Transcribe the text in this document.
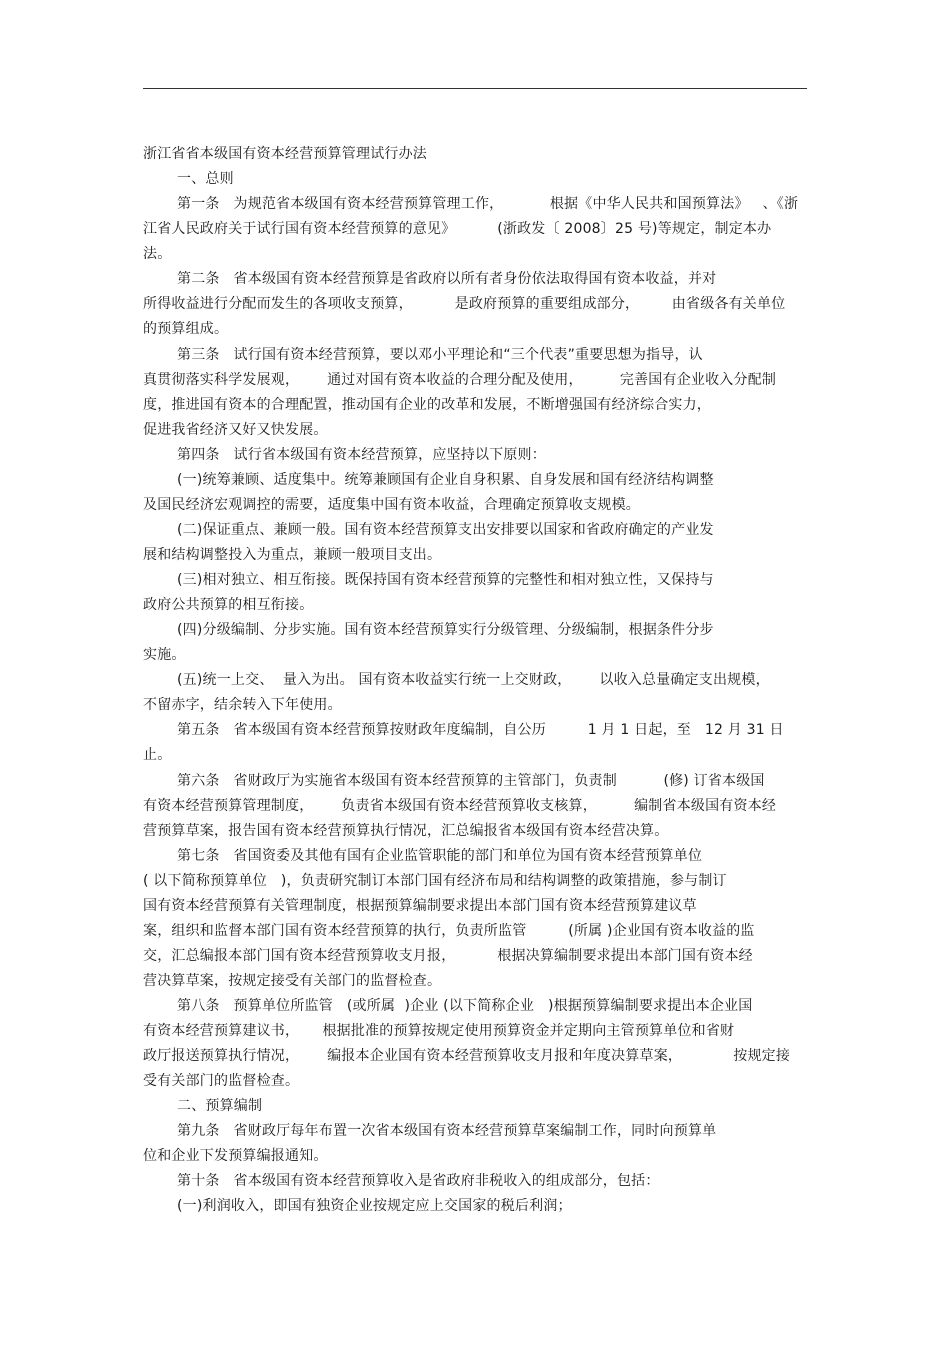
浙江省省本级国有资本经营预算管理试行办法
一、总则
第一条   为规范省本级国有资本经营预算管理工作，          根据《中华人民共和国预算法》   、《浙
江省人民政府关于试行国有资本经营预算的意见》         (浙政发〔 2008〕25 号)等规定，制定本办
法。
第二条   省本级国有资本经营预算是省政府以所有者身份依法取得国有资本收益，并对
所得收益进行分配而发生的各项收支预算，         是政府预算的重要组成部分，       由省级各有关单位
的预算组成。
第三条   试行国有资本经营预算，要以邓小平理论和“三个代表”重要思想为指导，认
真贯彻落实科学发展观，      通过对国有资本收益的合理分配及使用，        完善国有企业收入分配制
度，推进国有资本的合理配置，推动国有企业的改革和发展，不断增强国有经济综合实力，
促进我省经济又好又快发展。
第四条   试行省本级国有资本经营预算，应坚持以下原则：
(一)统筹兼顾、适度集中。统筹兼顾国有企业自身积累、自身发展和国有经济结构调整
及国民经济宏观调控的需要，适度集中国有资本收益，合理确定预算收支规模。
(二)保证重点、兼顾一般。国有资本经营预算支出安排要以国家和省政府确定的产业发
展和结构调整投入为重点，兼顾一般项目支出。
(三)相对独立、相互衔接。既保持国有资本经营预算的完整性和相对独立性，又保持与
政府公共预算的相互衔接。
(四)分级编制、分步实施。国有资本经营预算实行分级管理、分级编制，根据条件分步
实施。
(五)统一上交、  量入为出。 国有资本收益实行统一上交财政，      以收入总量确定支出规模，
不留赤字，结余转入下年使用。
第五条   省本级国有资本经营预算按财政年度编制，自公历         1 月 1 日起，至   12 月 31 日
止。
第六条   省财政厅为实施省本级国有资本经营预算的主管部门，负责制          (修) 订省本级国
有资本经营预算管理制度，      负责省本级国有资本经营预算收支核算，        编制省本级国有资本经
营预算草案，报告国有资本经营预算执行情况，汇总编报省本级国有资本经营决算。
第七条   省国资委及其他有国有企业监管职能的部门和单位为国有资本经营预算单位
( 以下简称预算单位   )，负责研究制订本部门国有经济布局和结构调整的政策措施，参与制订
国有资本经营预算有关管理制度，根据预算编制要求提出本部门国有资本经营预算建议草
案，组织和监督本部门国有资本经营预算的执行，负责所监管         (所属 )企业国有资本收益的监
交，汇总编报本部门国有资本经营预算收支月报，         根据决算编制要求提出本部门国有资本经
营决算草案，按规定接受有关部门的监督检查。
第八条   预算单位所监管   (或所属  )企业 (以下简称企业   )根据预算编制要求提出本企业国
有资本经营预算建议书，     根据批准的预算按规定使用预算资金并定期向主管预算单位和省财
政厅报送预算执行情况，      编报本企业国有资本经营预算收支月报和年度决算草案，           按规定接
受有关部门的监督检查。
二、预算编制
第九条   省财政厅每年布置一次省本级国有资本经营预算草案编制工作，同时向预算单
位和企业下发预算编报通知。
第十条   省本级国有资本经营预算收入是省政府非税收入的组成部分，包括：
(一)利润收入，即国有独资企业按规定应上交国家的税后利润；
